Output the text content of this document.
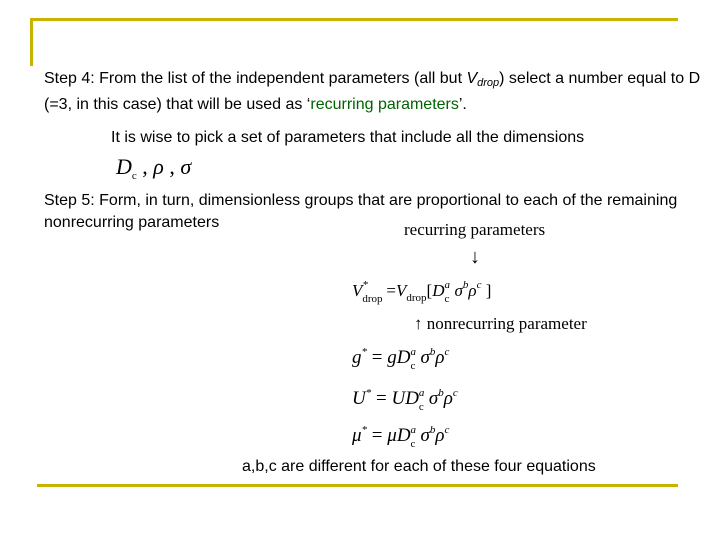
Step 4: From the list of the independent parameters (all but $V_{drop}$) select a number equal to D (=3, in this case) that will be used as ‘recurring parameters’.

It is wise to pick a set of parameters that include all the dimensions

$D_c$ , ρ , σ

Step 5: Form, in turn, dimensionless groups that are proportional to each of the remaining nonrecurring parameters	recurring parameters
↓
V *
drop $=V_{drop}[D$ a
c $\sigma^b\rho^c$ ]
↑ nonrecurring parameter
g* = gD a
c $\sigma^b\rho^c$
U* = UD a
c $\sigma^b\rho^c$
μ* = μD a
c $\sigma^b\rho^c$

a,b,c are different for each of these four equations
